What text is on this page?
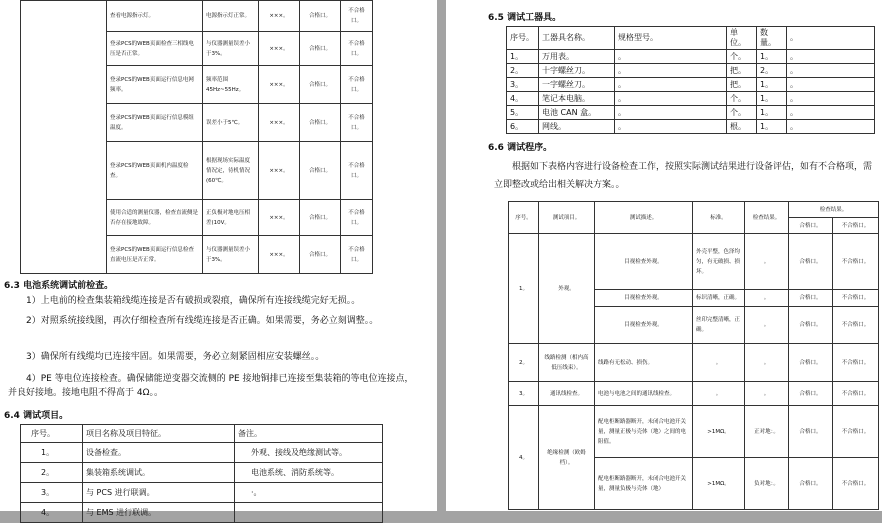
	查看电源指示灯。	电源指示灯正常。	×××。	合格口。	不合格口。
	登录PCS的WEB页面检查三相线电压是否正常。	与仪器测量误差小于3%。	×××。	合格口。	不合格口。
	登录PCS的WEB页面运行信息电网频率。	频率范围45Hz~55Hz。	×××。	合格口。	不合格口。
	登录PCS的WEB页面运行信息模组温度。	误差小于5℃。	×××。	合格口。	不合格口。
	登录PCS的WEB页面机内温度检查。	根据现场实际温度情况定，待机情况(60℃。	×××。	合格口。	不合格口。
	使用合适的测量仪器，检查直流侧是否存在接地故障。	正负极对地电压相差(10V。	×××。	合格口。	不合格口。
	登录PCS的WEB页面运行信息检查直流电压是否正常。	与仪器测量误差小于3%。	×××。	合格口。	不合格口。
6.3 电池系统调试前检查。
1）上电前的检查集装箱线缆连接是否有破损或裂痕，确保所有连接线缆完好无损。。
2）对照系统接线图，再次仔细检查所有线缆连接是否正确。如果需要，务必立刻调整。。
3）确保所有线缆均已连接牢固。如果需要，务必立刻紧固相应安装螺丝。。
4）PE 等电位连接检查。确保储能逆变器交流侧的 PE 接地铜排已连接至集装箱的等电位连接点，并良好接地。接地电阻不得高于 4Ω。。
6.4 调试项目。
序号。	项目名称及项目特征。	备注。
1。	设备检查。	外观、接线及绝缘测试等。
2。	集装箱系统调试。	电池系统、消防系统等。
3。	与 PCS 进行联调。	·。
4。	与 EMS 进行联调。	
6.5 调试工器具。
序号。	工器具名称。	规格型号。	单位。	数量。	。
1。	万用表。	。	个。	1。	。
2。	十字螺丝刀。	。	把。	2。	。
3。	一字螺丝刀。	。	把。	1。	。
4。	笔记本电脑。	。	个。	1。	。
5。	电池 CAN 盒。	。	个。	1。	。
6。	网线。	。	根。	1。	。
6.6 调试程序。
根据如下表格内容进行设备检查工作，按照实际测试结果进行设备评估，如有不合格项，需立即整改或给出相关解决方案。。
序号。	测试项目。	测试描述。	标准。	检查结果。	检查结果。	
					合格口。	不合格口。
1。	外观。	目视检查外观。	外壳平整，色泽均匀，有无破损、损坏。	。	合格口。	不合格口。
		目视检查外观。	标识清晰，正确。	。	合格口。	不合格口。
		目视检查外观。	丝印完整清晰，正确。	。	合格口。	不合格口。
2。	线路检测（相内高低压线束）。	线路有无松动、损伤。	。	。	合格口。	不合格口。
3。	通讯线检查。	电池与电池之间的通讯线检查。	。	。	合格口。	不合格口。
4。	绝缘检测（欧姆档）。	配电柜断路器断开，未闭合电池开关量，测量正极与壳体（地）之间的电阻值。	>1MΩ。	正对地：。	合格口。	不合格口。
		配电柜断路器断开，未闭合电池开关量，测量负极与壳体（地）	>1MΩ。	负对地：。	合格口。	不合格口。
